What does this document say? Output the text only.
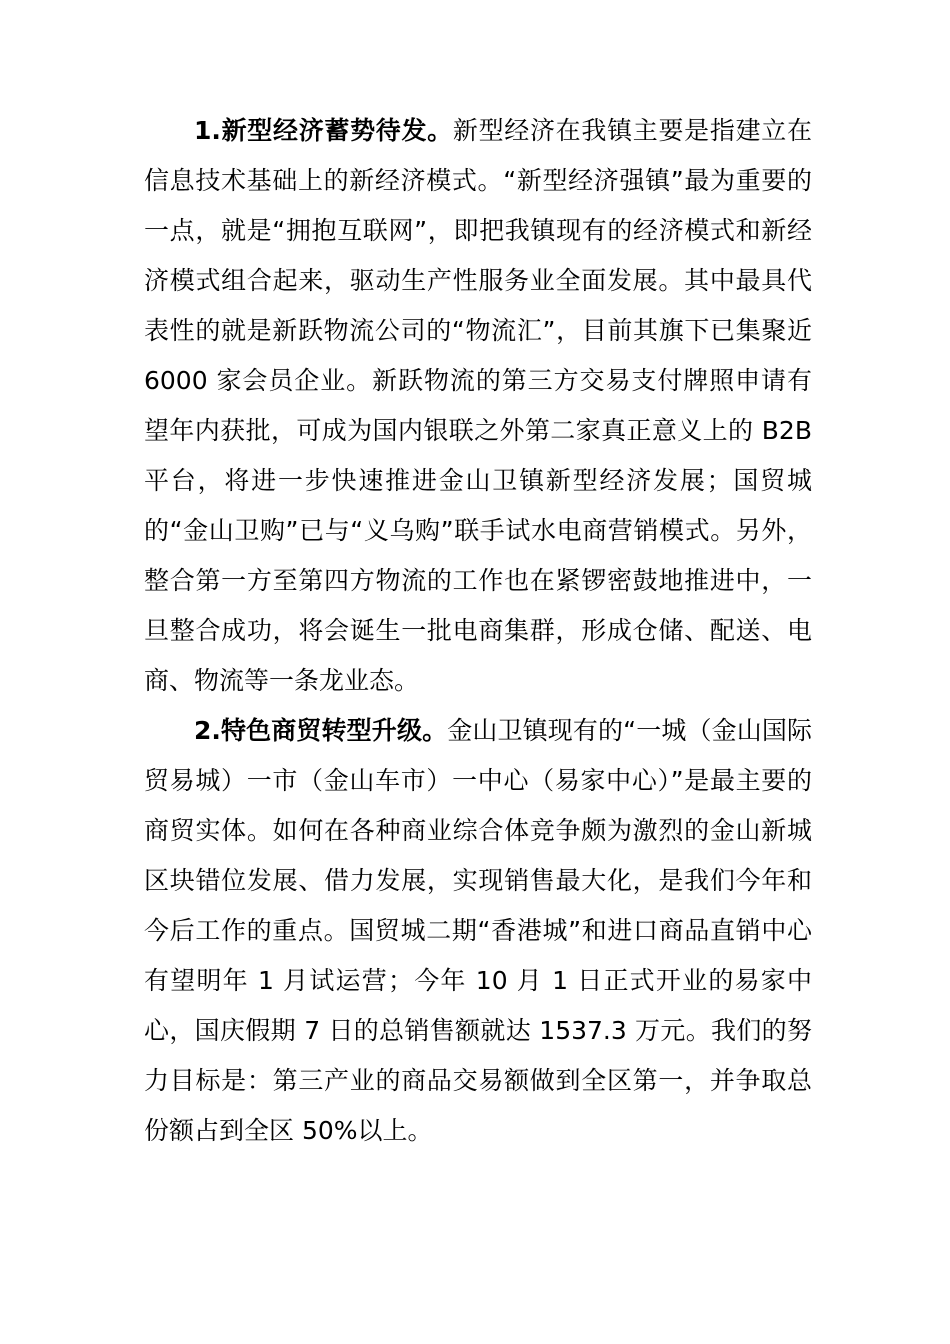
1.新型经济蓄势待发。新型经济在我镇主要是指建立在信息技术基础上的新经济模式。“新型经济强镇”最为重要的一点，就是“拥抱互联网”，即把我镇现有的经济模式和新经济模式组合起来，驱动生产性服务业全面发展。其中最具代表性的就是新跃物流公司的“物流汇”，目前其旗下已集聚近 6000 家会员企业。新跃物流的第三方交易支付牌照申请有望年内获批，可成为国内银联之外第二家真正意义上的 B2B 平台，将进一步快速推进金山卫镇新型经济发展；国贸城的“金山卫购”已与“义乌购”联手试水电商营销模式。另外，整合第一方至第四方物流的工作也在紧锣密鼓地推进中，一旦整合成功，将会诞生一批电商集群，形成仓储、配送、电商、物流等一条龙业态。

2.特色商贸转型升级。金山卫镇现有的“一城（金山国际贸易城）一市（金山车市）一中心（易家中心）”是最主要的商贸实体。如何在各种商业综合体竞争颇为激烈的金山新城区块错位发展、借力发展，实现销售最大化，是我们今年和今后工作的重点。国贸城二期“香港城”和进口商品直销中心有望明年 1 月试运营；今年 10 月 1 日正式开业的易家中心，国庆假期 7 日的总销售额就达 1537.3 万元。我们的努力目标是：第三产业的商品交易额做到全区第一，并争取总份额占到全区 50%以上。
